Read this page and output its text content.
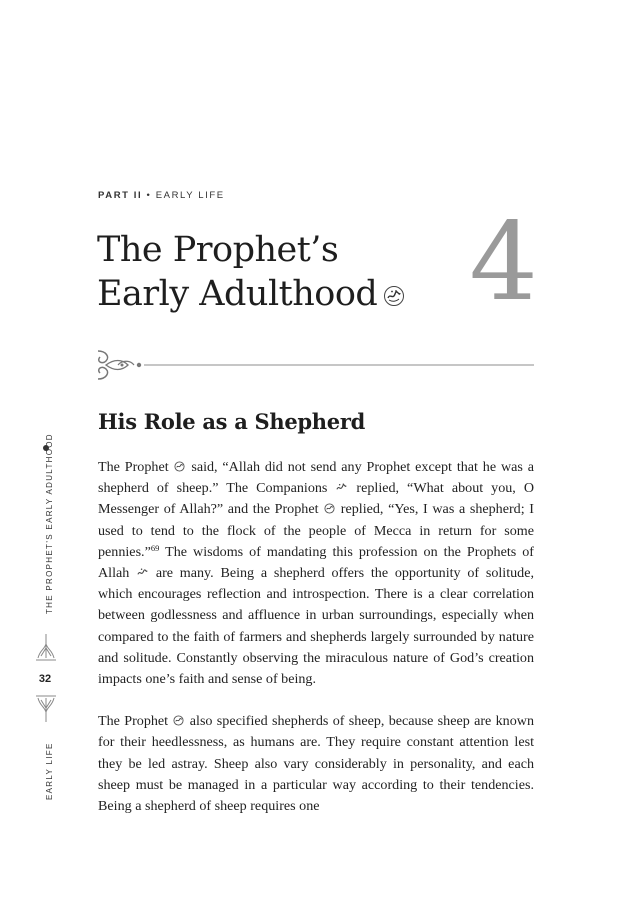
PART II • EARLY LIFE
The Prophet’s
Early Adulthood 4
His Role as a Shepherd

The Prophet  said, “Allah did not send any Prophet except that he was a shepherd of sheep.” The Companions  replied, “What about you, O Messenger of Allah?” and the Prophet  replied, “Yes, I was a shepherd; I used to tend to the flock of the people of Mecca in return for some pennies.”$^{69}$ The wisdoms of mandating this profession on the Prophets of Allah  are many. Being a shepherd offers the opportunity of solitude, which encourages reflection and introspection. There is a clear correlation between godlessness and affluence in urban surroundings, especially when compared to the faith of farmers and shepherds largely surrounded by nature and solitude. Constantly observing the miraculous nature of God’s creation impacts one’s faith and sense of being.

The Prophet  also specified shepherds of sheep, because sheep are known for their heedlessness, as humans are. They require constant attention lest they be led astray. Sheep also vary considerably in personality, and each sheep must be managed in a particular way according to their tendencies. Being a shepherd of sheep requires one

THE PROPHET’S EARLY ADULTHOOD
32
EARLY LIFE
